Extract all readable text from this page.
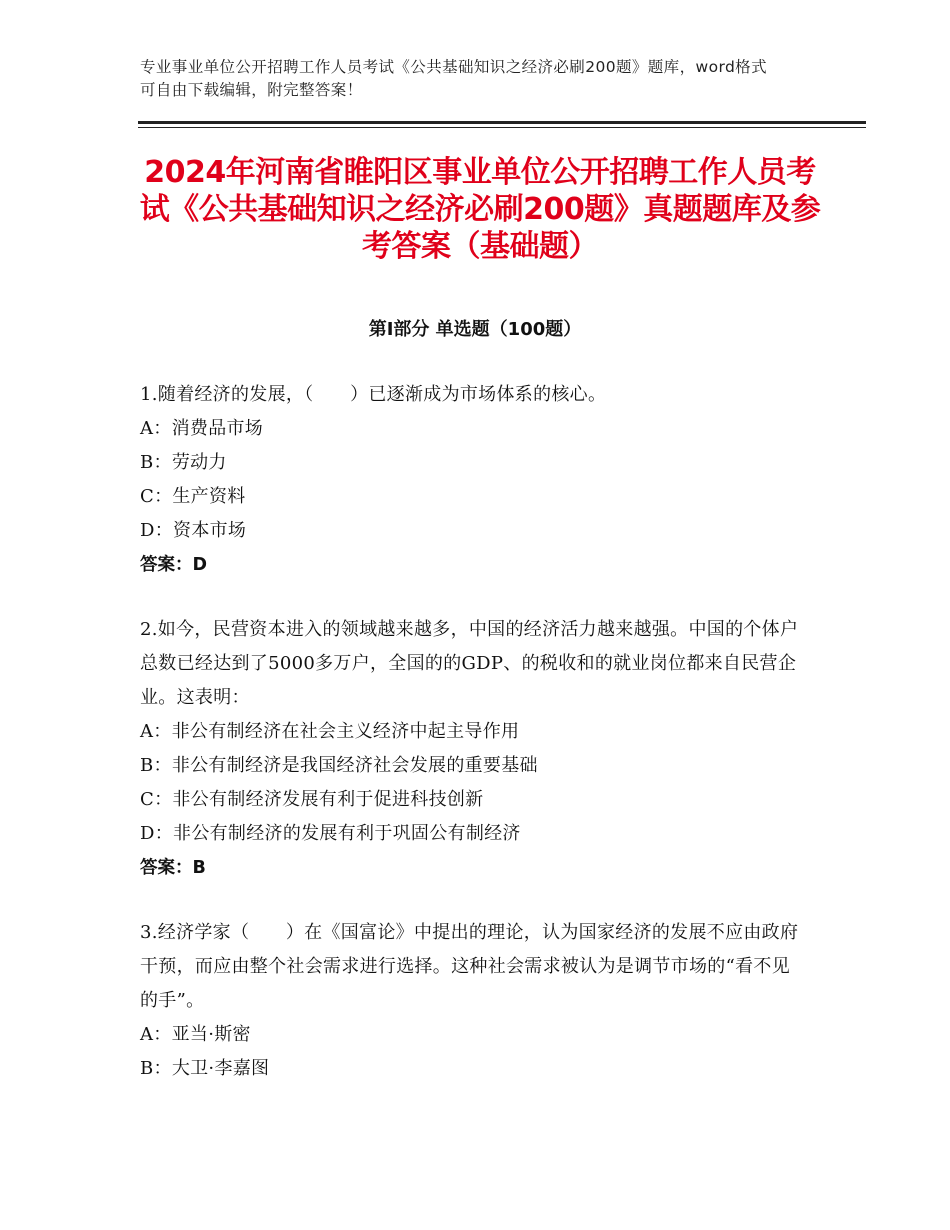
专业事业单位公开招聘工作人员考试《公共基础知识之经济必刷200题》题库，word格式可自由下载编辑，附完整答案！
2024年河南省睢阳区事业单位公开招聘工作人员考试《公共基础知识之经济必刷200题》真题题库及参考答案（基础题）
第Ⅰ部分 单选题（100题）
1.随着经济的发展，（　　）已逐渐成为市场体系的核心。
A：消费品市场
B：劳动力
C：生产资料
D：资本市场
答案：D
2.如今，民营资本进入的领域越来越多，中国的经济活力越来越强。中国的个体户总数已经达到了5000多万户，全国的的GDP、的税收和的就业岗位都来自民营企业。这表明：
A：非公有制经济在社会主义经济中起主导作用
B：非公有制经济是我国经济社会发展的重要基础
C：非公有制经济发展有利于促进科技创新
D：非公有制经济的发展有利于巩固公有制经济
答案：B
3.经济学家（　　）在《国富论》中提出的理论，认为国家经济的发展不应由政府干预，而应由整个社会需求进行选择。这种社会需求被认为是调节市场的“看不见的手”。
A：亚当·斯密
B：大卫·李嘉图
